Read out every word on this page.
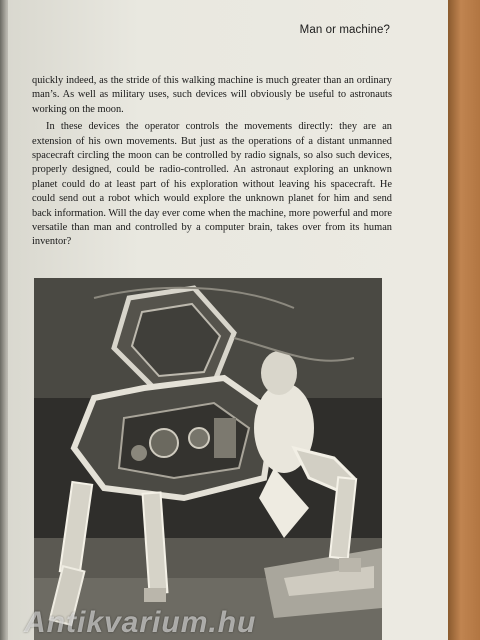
Man or machine?

quickly indeed, as the stride of this walking machine is much greater than an ordinary man’s. As well as military uses, such devices will obviously be useful to astronauts working on the moon.

In these devices the operator controls the movements directly: they are an extension of his own movements. But just as the operations of a distant unmanned spacecraft circling the moon can be controlled by radio signals, so also such devices, properly designed, could be radio-controlled. An astronaut exploring an unknown planet could do at least part of his exploration without leaving his spacecraft. He could send out a robot which would explore the unknown planet for him and send back information. Will the day ever come when the machine, more powerful and more versatile than man and controlled by a computer brain, takes over from its human inventor?

Antikvarium.hu
